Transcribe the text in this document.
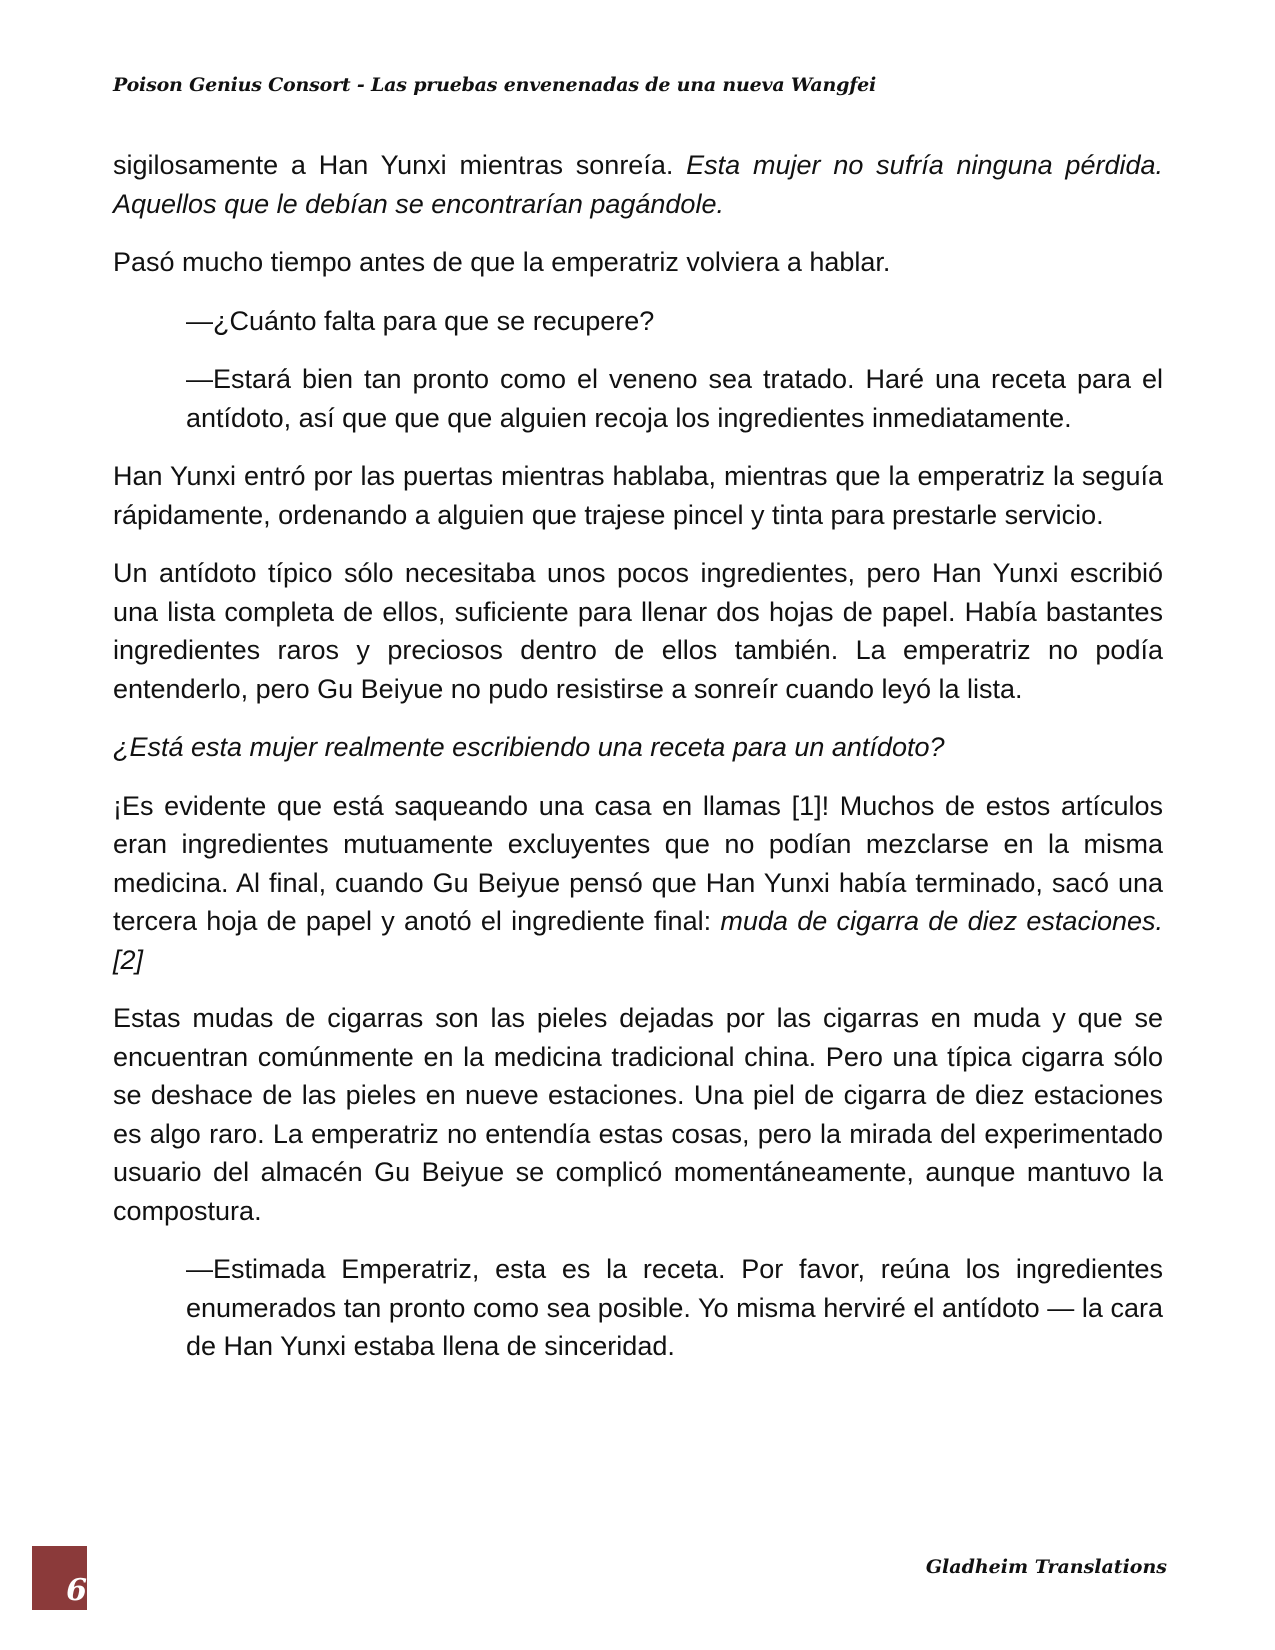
Poison Genius Consort - Las pruebas envenenadas de una nueva Wangfei

sigilosamente a Han Yunxi mientras sonreía. Esta mujer no sufría ninguna pérdida. Aquellos que le debían se encontrarían pagándole.

Pasó mucho tiempo antes de que la emperatriz volviera a hablar.

—¿Cuánto falta para que se recupere?

—Estará bien tan pronto como el veneno sea tratado. Haré una receta para el antídoto, así que que que alguien recoja los ingredientes inmediatamente.

Han Yunxi entró por las puertas mientras hablaba, mientras que la emperatriz la seguía rápidamente, ordenando a alguien que trajese pincel y tinta para prestarle servicio.

Un antídoto típico sólo necesitaba unos pocos ingredientes, pero Han Yunxi escribió una lista completa de ellos, suficiente para llenar dos hojas de papel. Había bastantes ingredientes raros y preciosos dentro de ellos también. La emperatriz no podía entenderlo, pero Gu Beiyue no pudo resistirse a sonreír cuando leyó la lista.

¿Está esta mujer realmente escribiendo una receta para un antídoto?

¡Es evidente que está saqueando una casa en llamas [1]! Muchos de estos artículos eran ingredientes mutuamente excluyentes que no podían mezclarse en la misma medicina. Al final, cuando Gu Beiyue pensó que Han Yunxi había terminado, sacó una tercera hoja de papel y anotó el ingrediente final: muda de cigarra de diez estaciones. [2]

Estas mudas de cigarras son las pieles dejadas por las cigarras en muda y que se encuentran comúnmente en la medicina tradicional china. Pero una típica cigarra sólo se deshace de las pieles en nueve estaciones. Una piel de cigarra de diez estaciones es algo raro. La emperatriz no entendía estas cosas, pero la mirada del experimentado usuario del almacén Gu Beiyue se complicó momentáneamente, aunque mantuvo la compostura.

—Estimada Emperatriz, esta es la receta. Por favor, reúna los ingredientes enumerados tan pronto como sea posible. Yo misma herviré el antídoto — la cara de Han Yunxi estaba llena de sinceridad.

6
Gladheim Translations
